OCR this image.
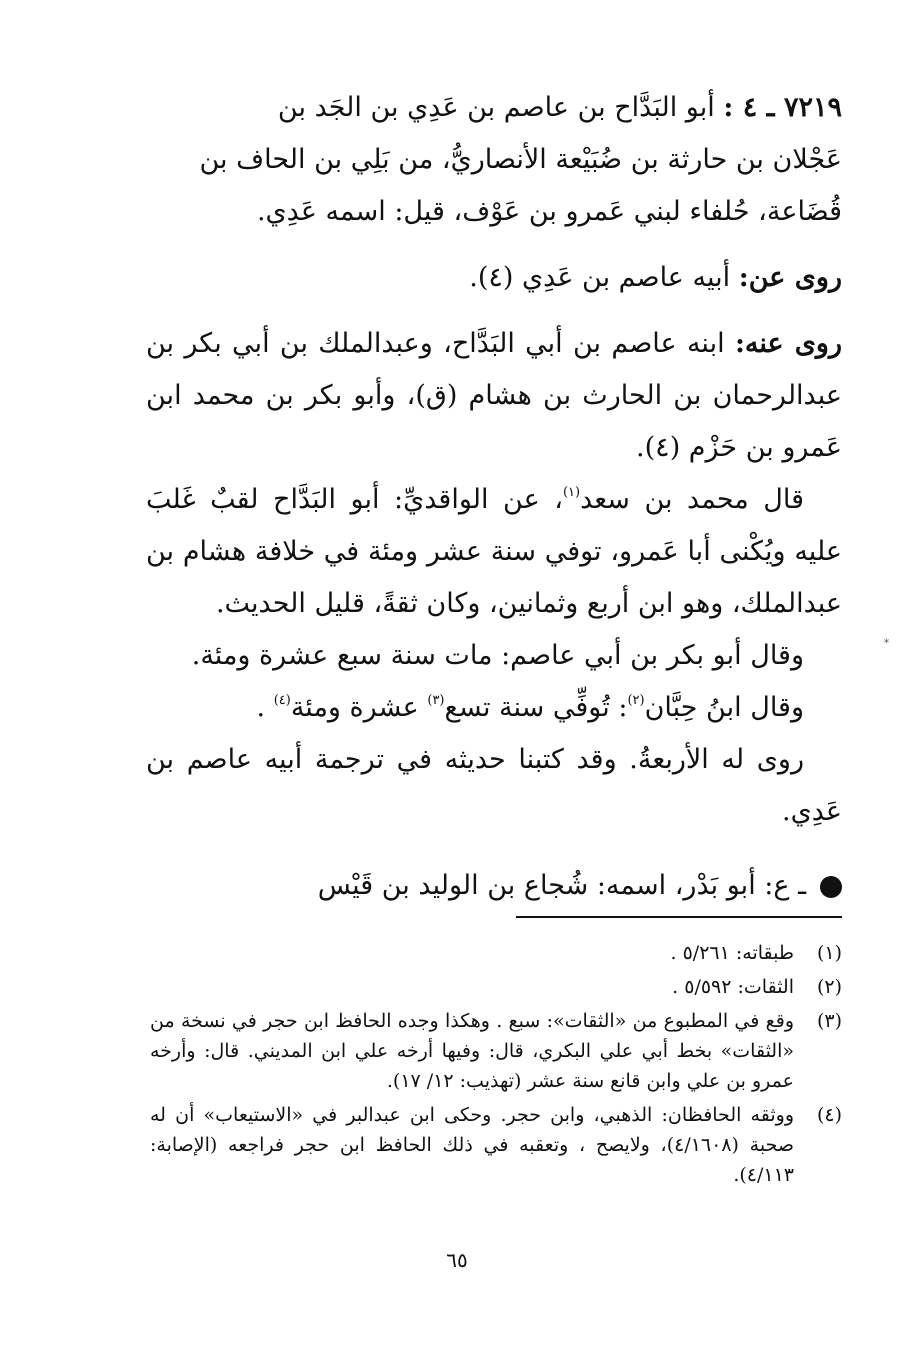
٧٢١٩ ـ ٤ : أبو البَدَّاح بن عاصم بن عَدِي بن الجَد بن

عَجْلان بن حارثة بن ضُبَيْعة الأنصاريُّ، من بَلِي بن الحاف بن

قُضَاعة، حُلفاء لبني عَمرو بن عَوْف، قيل: اسمه عَدِي.

روى عن: أبيه عاصم بن عَدِي (٤).

روى عنه: ابنه عاصم بن أبي البَدَّاح، وعبدالملك بن أبي بكر بن عبدالرحمان بن الحارث بن هشام (ق)، وأبو بكر بن محمد ابن عَمرو بن حَزْم (٤).

قال محمد بن سعد$^{(١)}$، عن الواقديِّ: أبو البَدَّاح لقبٌ غَلبَ عليه ويُكْنى أبا عَمرو، توفي سنة عشر ومئة في خلافة هشام بن عبدالملك، وهو ابن أربع وثمانين، وكان ثقةً، قليل الحديث.

وقال أبو بكر بن أبي عاصم: مات سنة سبع عشرة ومئة.

وقال ابنُ حِبَّان$^{(٢)}$: تُوفِّي سنة تسع$^{(٣)}$ عشرة ومئة$^{(٤)}$ .

روى له الأربعةُ. وقد كتبنا حديثه في ترجمة أبيه عاصم بن عَدِي.

ـ ع: أبو بَدْر، اسمه: شُجاع بن الوليد بن قَيْس

(١)
طبقاته: ٥/٢٦١ .
(٢)
الثقات: ٥/٥٩٢ .
(٣)
وقع في المطبوع من «الثقات»: سبع . وهكذا وجده الحافظ ابن حجر في نسخة من «الثقات» بخط أبي علي البكري، قال: وفيها أرخه علي ابن المديني. قال: وأرخه عمرو بن علي وابن قانع سنة عشر (تهذيب: ١٢/ ١٧).
(٤)
ووثقه الحافظان: الذهبي، وابن حجر. وحكى ابن عبدالبر في «الاستيعاب» أن له صحبة (٤/١٦٠٨)، ولايصح ، وتعقبه في ذلك الحافظ ابن حجر فراجعه (الإصابة: ٤/١١٣).
٦٥
*
